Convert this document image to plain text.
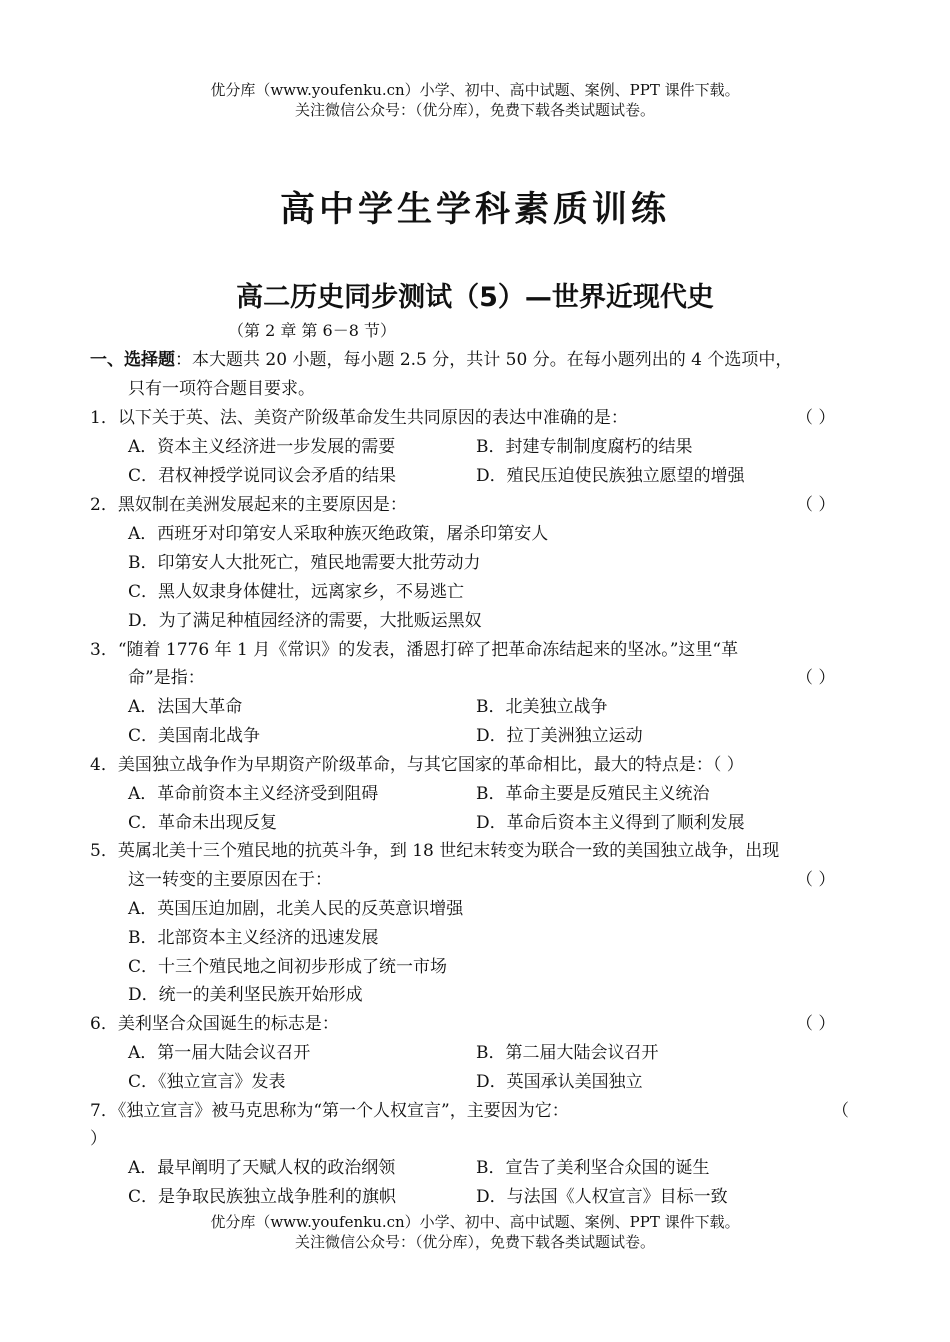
优分库（www.youfenku.cn）小学、初中、高中试题、案例、PPT 课件下载。
关注微信公众号：（优分库），免费下载各类试题试卷。
高中学生学科素质训练
高二历史同步测试（5）—世界近现代史
（第 2 章 第 6－8 节）
一、选择题：本大题共 20 小题，每小题 2.5 分，共计 50 分。在每小题列出的 4 个选项中，
只有一项符合题目要求。
1．以下关于英、法、美资产阶级革命发生共同原因的表达中准确的是：	（ ）
A．资本主义经济进一步发展的需要	B．封建专制制度腐朽的结果
C．君权神授学说同议会矛盾的结果	D．殖民压迫使民族独立愿望的增强
2．黑奴制在美洲发展起来的主要原因是：	（ ）
A．西班牙对印第安人采取种族灭绝政策，屠杀印第安人
B．印第安人大批死亡，殖民地需要大批劳动力
C．黑人奴隶身体健壮，远离家乡，不易逃亡
D．为了满足种植园经济的需要，大批贩运黑奴
3．“随着 1776 年 1 月《常识》的发表，潘恩打碎了把革命冻结起来的坚冰。”这里“革
命”是指：	（ ）
A．法国大革命	B．北美独立战争
C．美国南北战争	D．拉丁美洲独立运动
4．美国独立战争作为早期资产阶级革命，与其它国家的革命相比，最大的特点是：（ ）
A．革命前资本主义经济受到阻碍	B．革命主要是反殖民主义统治
C．革命未出现反复	D．革命后资本主义得到了顺利发展
5．英属北美十三个殖民地的抗英斗争，到 18 世纪末转变为联合一致的美国独立战争，出现
这一转变的主要原因在于：	（ ）
A．英国压迫加剧，北美人民的反英意识增强
B．北部资本主义经济的迅速发展
C．十三个殖民地之间初步形成了统一市场
D．统一的美利坚民族开始形成
6．美利坚合众国诞生的标志是：	（ ）
A．第一届大陆会议召开	B．第二届大陆会议召开
C．《独立宣言》发表	D．英国承认美国独立
7．《独立宣言》被马克思称为“第一个人权宣言”，主要因为它：	（
）
A．最早阐明了天赋人权的政治纲领	B．宣告了美利坚合众国的诞生
C．是争取民族独立战争胜利的旗帜	D．与法国《人权宣言》目标一致
优分库（www.youfenku.cn）小学、初中、高中试题、案例、PPT 课件下载。
关注微信公众号：（优分库），免费下载各类试题试卷。
